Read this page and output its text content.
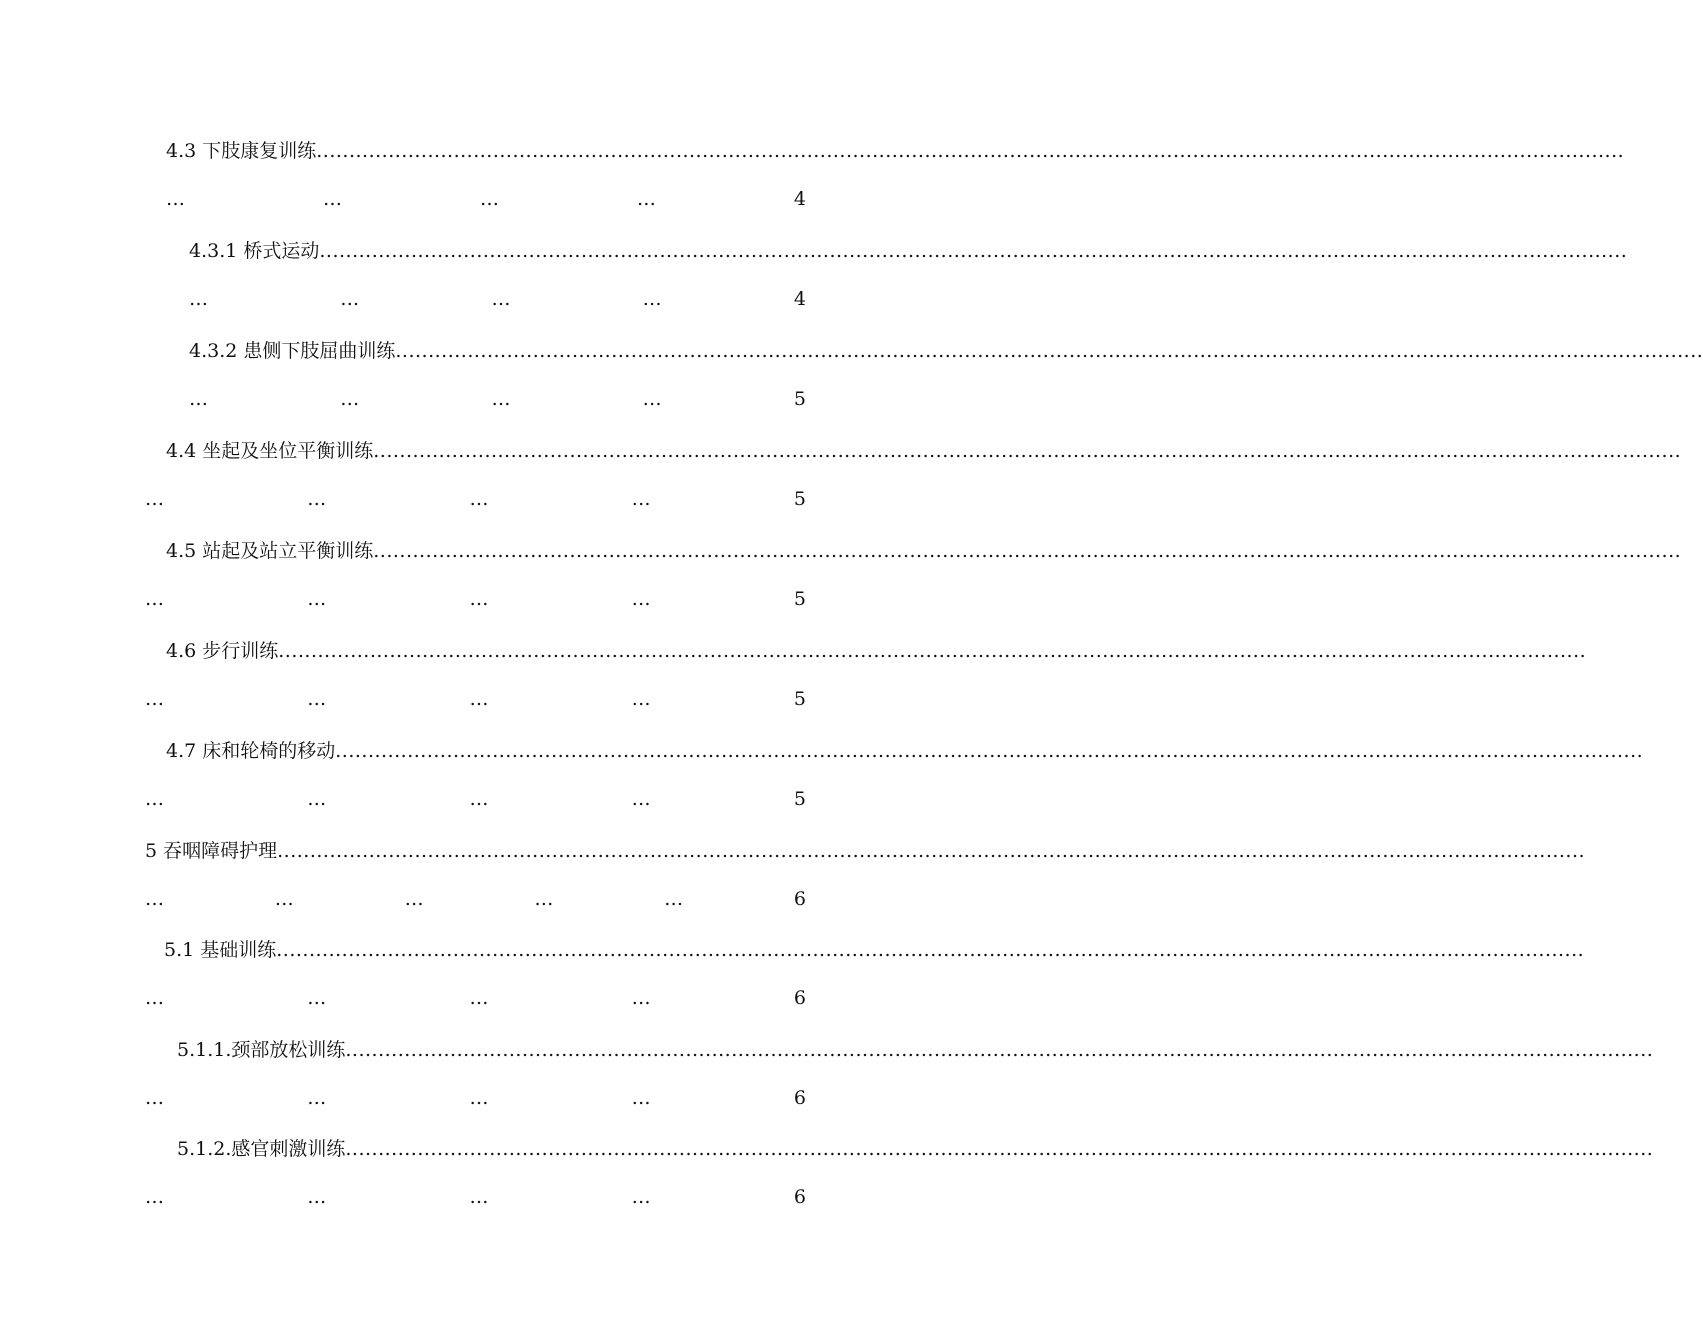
4.3 下肢康复训练 ........................................................................................................................................................................................................
…	…	…	…	4
4.3.1 桥式运动 ........................................................................................................................................................................................................
…	…	…	…	4
4.3.2 患侧下肢屈曲训练 ........................................................................................................................................................................................................
…	…	…	…	5
4.4 坐起及坐位平衡训练 ........................................................................................................................................................................................................
…	…	…	…	5
4.5 站起及站立平衡训练 ........................................................................................................................................................................................................
…	…	…	…	5
4.6 步行训练 ........................................................................................................................................................................................................
…	…	…	…	5
4.7 床和轮椅的移动 ........................................................................................................................................................................................................
…	…	…	…	5
5 吞咽障碍护理 ........................................................................................................................................................................................................
…	…	…	…	…	6
5.1 基础训练 ........................................................................................................................................................................................................
…	…	…	…	6
5.1.1.颈部放松训练 ........................................................................................................................................................................................................
…	…	…	…	6
5.1.2.感官刺激训练 ........................................................................................................................................................................................................
…	…	…	…	6
